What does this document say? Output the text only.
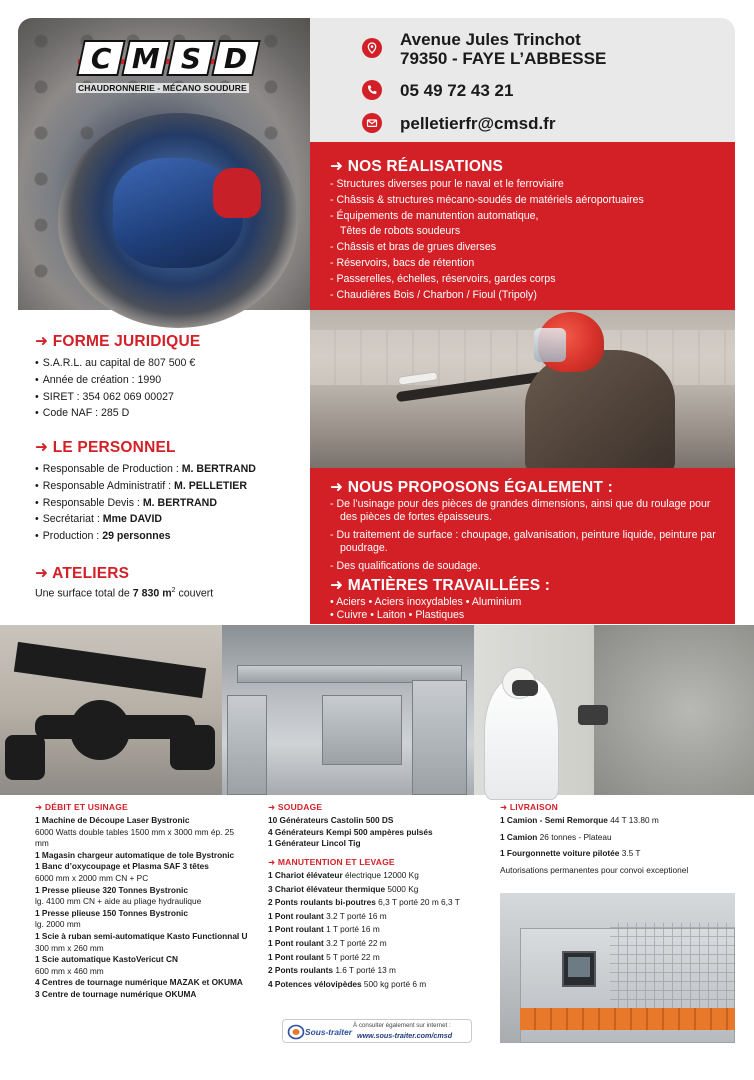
C M S D
CHAUDRONNERIE - MÉCANO SOUDURE
Avenue Jules Trinchot
79350 - FAYE L’ABBESSE
05 49 72 43 21
pelletierfr@cmsd.fr
➜ NOS RÉALISATIONS
- Structures diverses pour le naval et le ferroviaire
- Châssis & structures mécano-soudés de matériels aéroportuaires
- Équipements de manutention automatique,
Têtes de robots soudeurs
- Châssis et bras de grues diverses
- Réservoirs, bacs de rétention
- Passerelles, échelles, réservoirs, gardes corps
- Chaudières Bois / Charbon / Fioul (Tripoly)
➜ FORME JURIDIQUE
• S.A.R.L. au capital de 807 500 €
• Année de création : 1990
• SIRET : 354 062 069 00027
• Code NAF : 285 D
➜ LE PERSONNEL
• Responsable de Production : M. BERTRAND
• Responsable Administratif : M. PELLETIER
• Responsable Devis : M. BERTRAND
• Secrétariat : Mme DAVID
• Production : 29 personnes
➜ ATELIERS
Une surface total de 7 830 $m^2$ couvert
➜ NOUS PROPOSONS ÉGALEMENT :
- De l’usinage pour des pièces de grandes dimensions, ainsi que du roulage pour des pièces de fortes épaisseurs.
- Du traitement de surface : choupage, galvanisation, peinture liquide, peinture par poudrage.
- Des qualifications de soudage.
➜ MATIÈRES TRAVAILLÉES :
• Aciers • Aciers inoxydables • Aluminium
• Cuivre • Laiton • Plastiques
➜ DÉBIT ET USINAGE
1 Machine de Découpe Laser Bystronic
6000 Watts double tables 1500 mm x 3000 mm ép. 25 mm
1 Magasin chargeur automatique de tole Bystronic
1 Banc d’oxycoupage et Plasma SAF 3 têtes
6000 mm x 2000 mm CN + PC
1 Presse plieuse 320 Tonnes Bystronic
lg. 4100 mm CN + aide au pliage hydraulique
1 Presse plieuse 150 Tonnes Bystronic
lg. 2000 mm
1 Scie à ruban semi-automatique Kasto Functionnal U 300 mm x 260 mm
1 Scie automatique KastoVericut CN
600 mm x 460 mm
4 Centres de tournage numérique MAZAK et OKUMA
3 Centre de tournage numérique OKUMA
➜ SOUDAGE
10 Générateurs Castolin 500 DS
4 Générateurs Kempi 500 ampères pulsés
1 Générateur Lincol Tig
➜ MANUTENTION ET LEVAGE
1 Chariot élévateur électrique 12000 Kg
3 Chariot élévateur thermique 5000 Kg
2 Ponts roulants bi-poutres 6,3 T porté 20 m 6,3 T
1 Pont roulant 3.2 T porté 16 m
1 Pont roulant 1 T porté 16 m
1 Pont roulant 3.2 T porté 22 m
1 Pont roulant 5 T porté 22 m
2 Ponts roulants 1.6 T porté 13 m
4 Potences vélovipèdes 500 kg porté 6 m
Sous-traiter
À consulter également sur internet :
www.sous-traiter.com/cmsd
➜ LIVRAISON
1 Camion - Semi Remorque 44 T 13.80 m
1 Camion 26 tonnes - Plateau
1 Fourgonnette voiture pilotée 3.5 T
Autorisations permanentes pour convoi exceptionel
